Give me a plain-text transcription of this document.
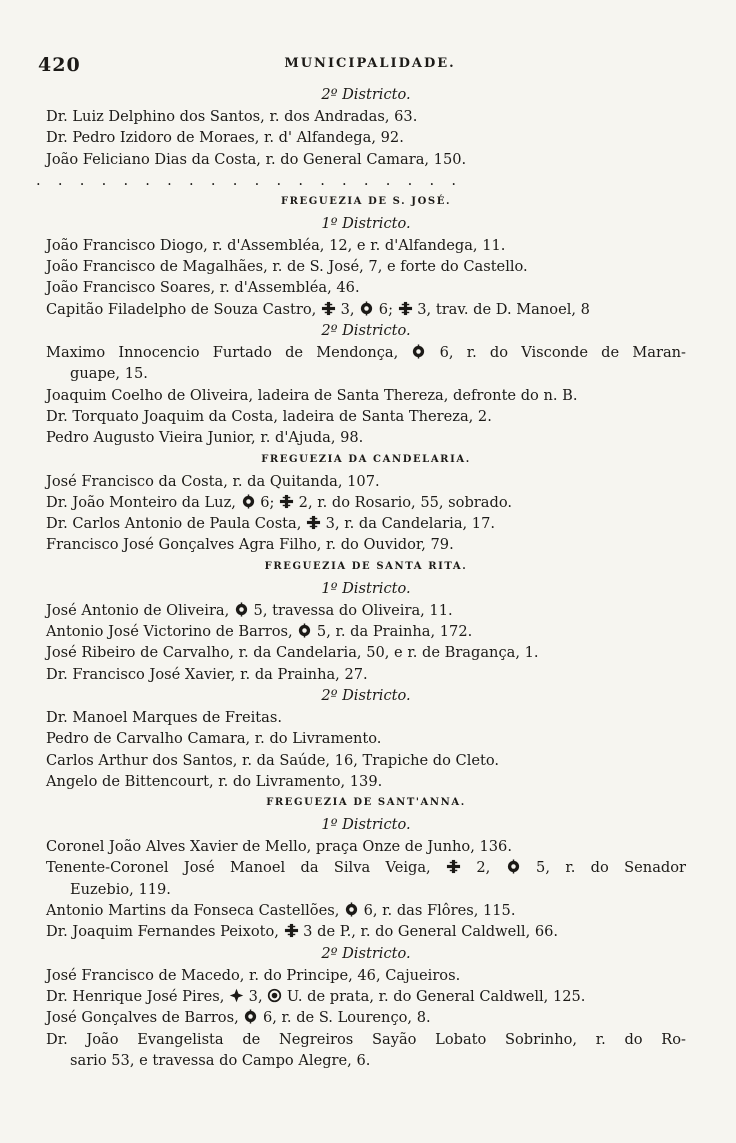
420	MUNICIPALIDADE.
2º Districto.
Dr. Luiz Delphino dos Santos, r. dos Andradas, 63.
Dr. Pedro Izidoro de Moraes, r. d' Alfandega, 92.
João Feliciano Dias da Costa, r. do General Camara, 150.
. . . . . . . . . . . . . . . . . . . .
FREGUEZIA DE S. JOSÉ.
1º Districto.
João Francisco Diogo, r. d'Assembléa, 12, e r. d'Alfandega, 11.
João Francisco de Magalhães, r. de S. José, 7, e forte do Castello.
João Francisco Soares, r. d'Assembléa, 46.
Capitão Filadelpho de Souza Castro,  3,  6;  3, trav. de D. Manoel, 8
2º Districto.
Maximo Innocencio Furtado de Mendonça,  6, r. do Visconde de Maran-
guape, 15.
Joaquim Coelho de Oliveira, ladeira de Santa Thereza, defronte do n. B.
Dr. Torquato Joaquim da Costa, ladeira de Santa Thereza, 2.
Pedro Augusto Vieira Junior, r. d'Ajuda, 98.
FREGUEZIA DA CANDELARIA.
José Francisco da Costa, r. da Quitanda, 107.
Dr. João Monteiro da Luz,  6;  2, r. do Rosario, 55, sobrado.
Dr. Carlos Antonio de Paula Costa,  3, r. da Candelaria, 17.
Francisco José Gonçalves Agra Filho, r. do Ouvidor, 79.
FREGUEZIA DE SANTA RITA.
1º Districto.
José Antonio de Oliveira,  5, travessa do Oliveira, 11.
Antonio José Victorino de Barros,  5, r. da Prainha, 172.
José Ribeiro de Carvalho, r. da Candelaria, 50, e r. de Bragança, 1.
Dr. Francisco José Xavier, r. da Prainha, 27.
2º Districto.
Dr. Manoel Marques de Freitas.
Pedro de Carvalho Camara, r. do Livramento.
Carlos Arthur dos Santos, r. da Saúde, 16, Trapiche do Cleto.
Angelo de Bittencourt, r. do Livramento, 139.
FREGUEZIA DE SANT'ANNA.
1º Districto.
Coronel João Alves Xavier de Mello, praça Onze de Junho, 136.
Tenente-Coronel José Manoel da Silva Veiga,  2,  5, r. do Senador
Euzebio, 119.
Antonio Martins da Fonseca Castellões,  6, r. das Flôres, 115.
Dr. Joaquim Fernandes Peixoto,  3 de P., r. do General Caldwell, 66.
2º Districto.
José Francisco de Macedo, r. do Principe, 46, Cajueiros.
Dr. Henrique José Pires,  3,  U. de prata, r. do General Caldwell, 125.
José Gonçalves de Barros,  6, r. de S. Lourenço, 8.
Dr. João Evangelista de Negreiros Sayão Lobato Sobrinho, r. do Ro-
sario 53, e travessa do Campo Alegre, 6.
